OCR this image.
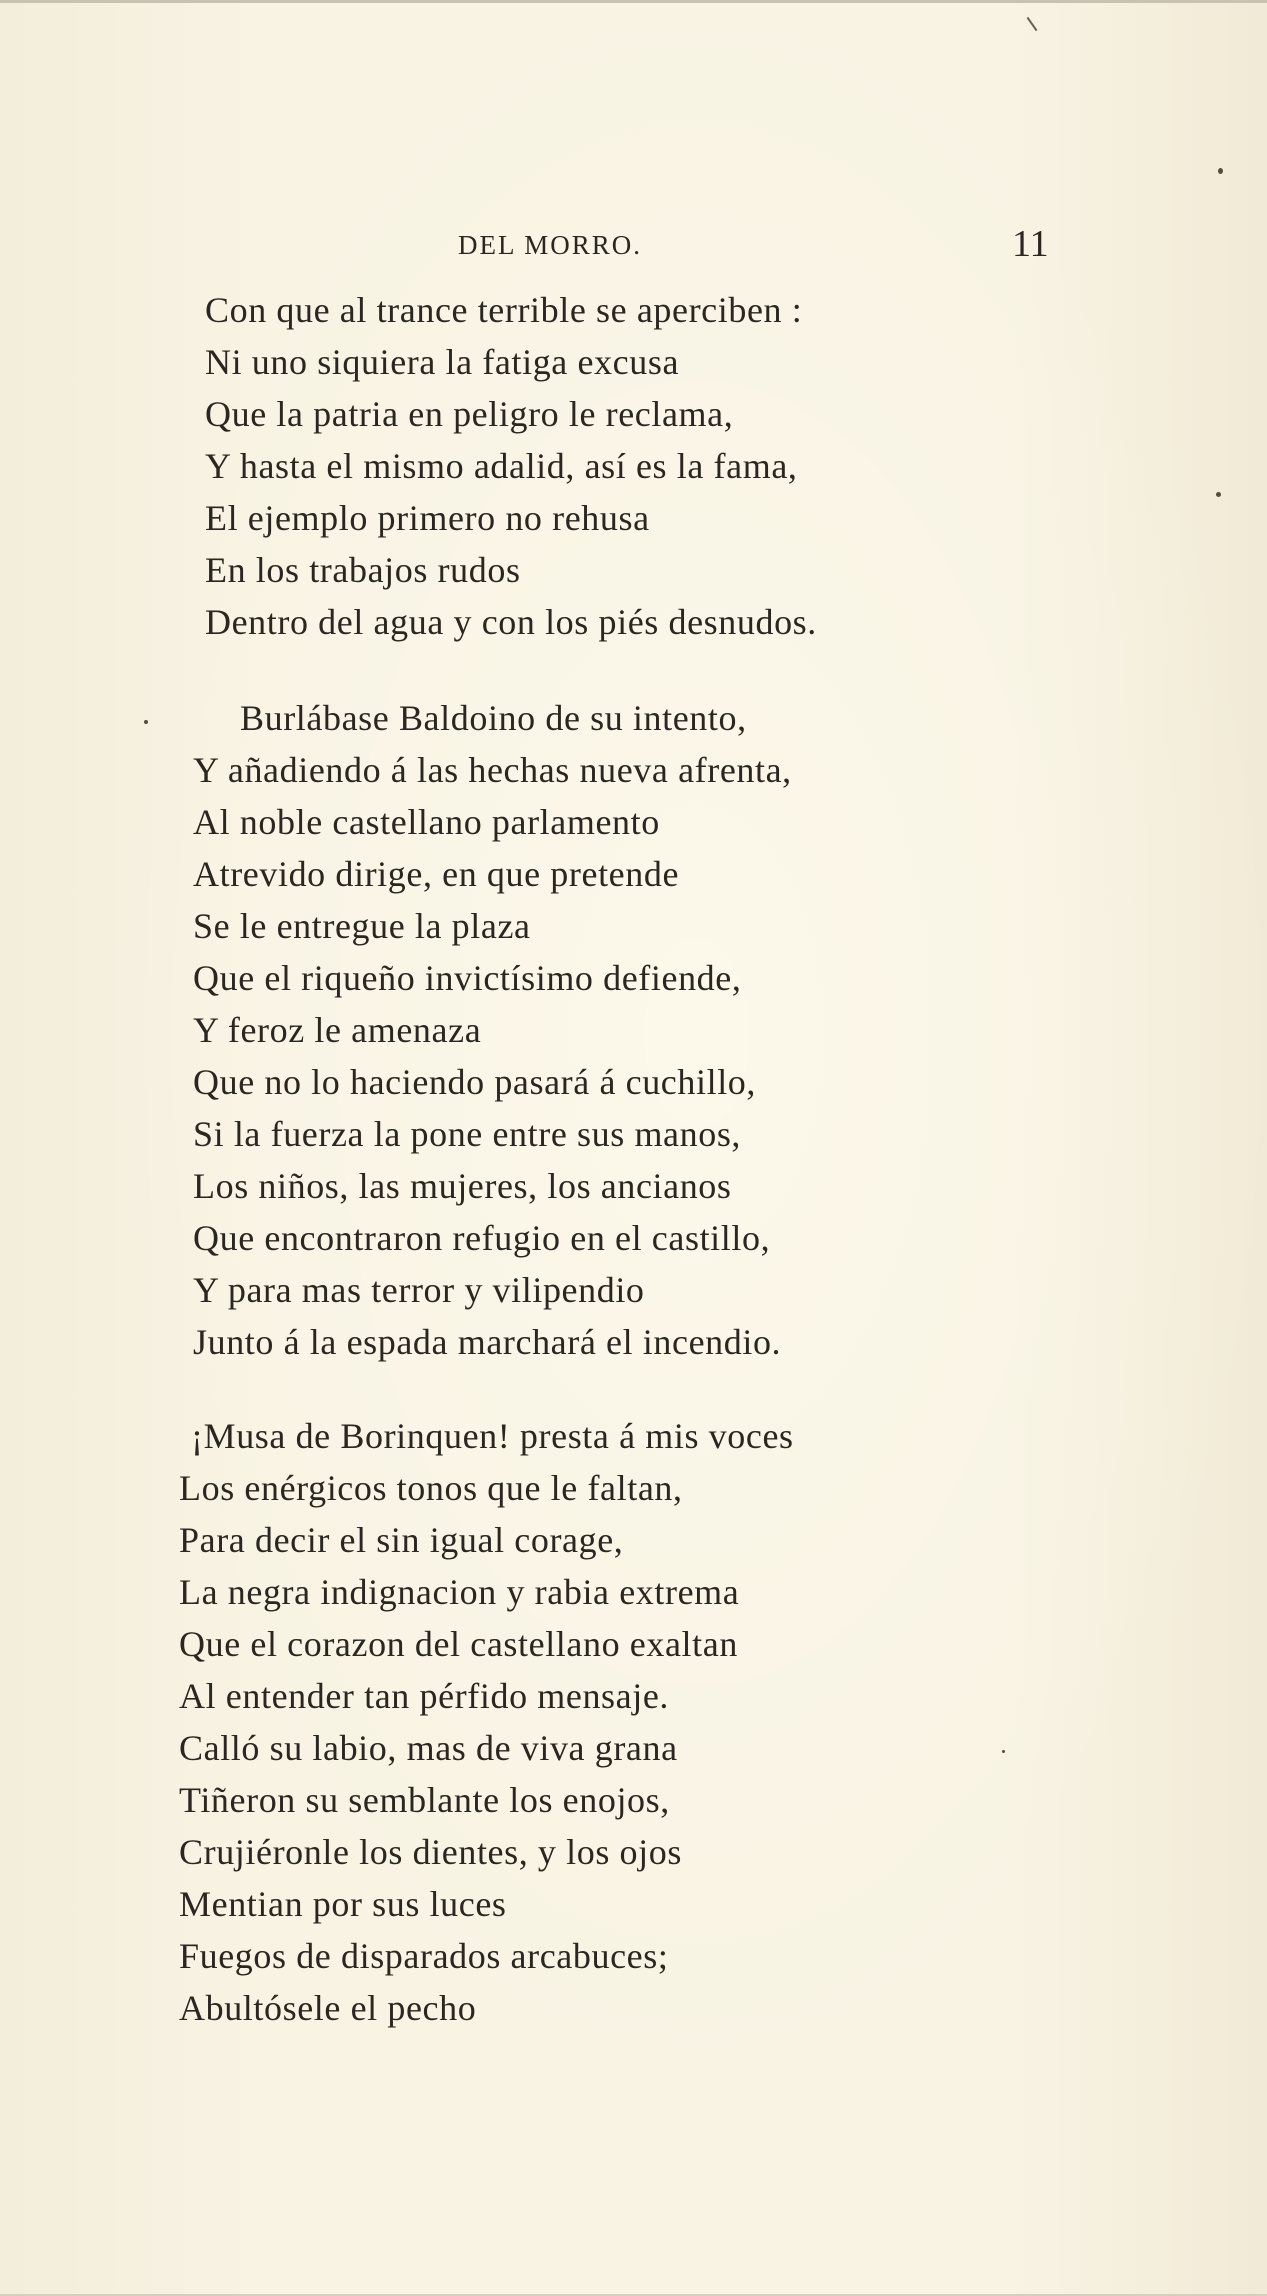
DEL MORRO.	11
Con que al trance terrible se aperciben :
Ni uno siquiera la fatiga excusa
Que la patria en peligro le reclama,
Y hasta el mismo adalid, así es la fama,
El ejemplo primero no rehusa
En los trabajos rudos
Dentro del agua y con los piés desnudos.
Burlábase Baldoino de su intento,
Y añadiendo á las hechas nueva afrenta,
Al noble castellano parlamento
Atrevido dirige, en que pretende
Se le entregue la plaza
Que el riqueño invictísimo defiende,
Y feroz le amenaza
Que no lo haciendo pasará á cuchillo,
Si la fuerza la pone entre sus manos,
Los niños, las mujeres, los ancianos
Que encontraron refugio en el castillo,
Y para mas terror y vilipendio
Junto á la espada marchará el incendio.
¡Musa de Borinquen! presta á mis voces
Los enérgicos tonos que le faltan,
Para decir el sin igual corage,
La negra indignacion y rabia extrema
Que el corazon del castellano exaltan
Al entender tan pérfido mensaje.
Calló su labio, mas de viva grana
Tiñeron su semblante los enojos,
Crujiéronle los dientes, y los ojos
Mentian por sus luces
Fuegos de disparados arcabuces;
Abultósele el pecho
